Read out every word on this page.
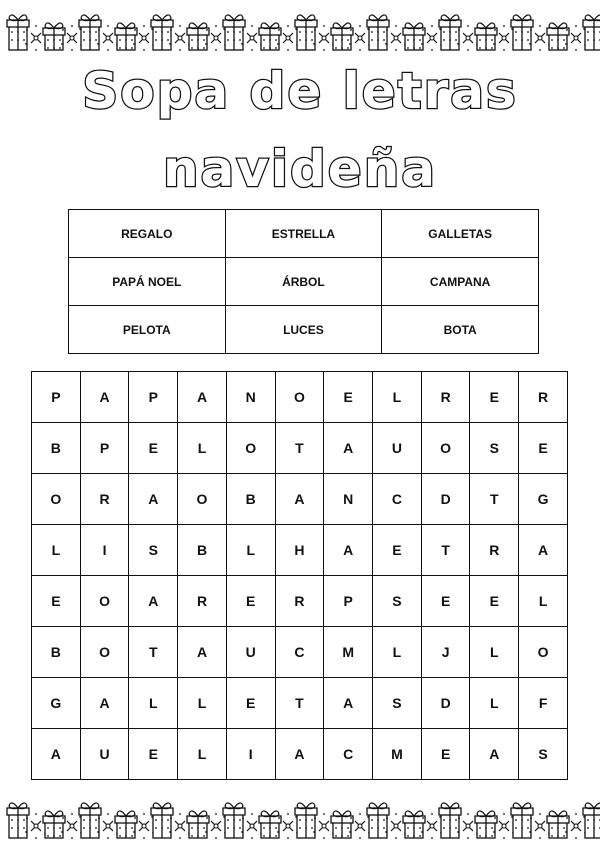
Sopa de letras
navideña
REGALO	ESTRELLA	GALLETAS
PAPÁ NOEL	ÁRBOL	CAMPANA
PELOTA	LUCES	BOTA
P	A	P	A	N	O	E	L	R	E	R
B	P	E	L	O	T	A	U	O	S	E
O	R	A	O	B	A	N	C	D	T	G
L	I	S	B	L	H	A	E	T	R	A
E	O	A	R	E	R	P	S	E	E	L
B	O	T	A	U	C	M	L	J	L	O
G	A	L	L	E	T	A	S	D	L	F
A	U	E	L	I	A	C	M	E	A	S
